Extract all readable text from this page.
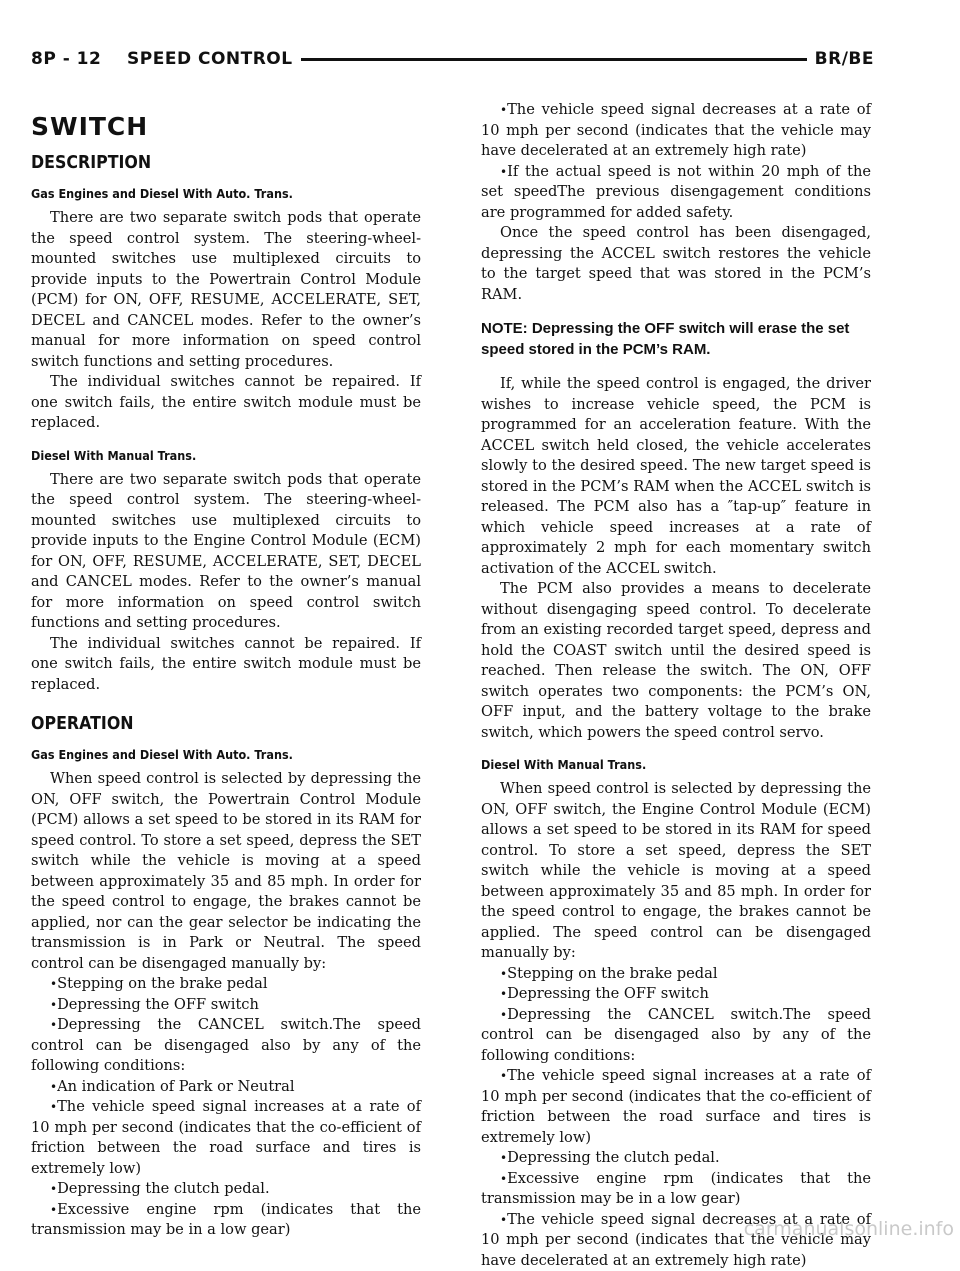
8P - 12    SPEED CONTROL	BR/BE
SWITCH
DESCRIPTION
Gas Engines and Diesel With Auto. Trans.

There are two separate switch pods that operate the speed control system. The steering-wheel-mounted switches use multiplexed circuits to provide inputs to the Powertrain Control Module (PCM) for ON, OFF, RESUME, ACCELERATE, SET, DECEL and CANCEL modes. Refer to the owner’s manual for more information on speed control switch functions and setting procedures.

The individual switches cannot be repaired. If one switch fails, the entire switch module must be replaced.

Diesel With Manual Trans.

There are two separate switch pods that operate the speed control system. The steering-wheel-mounted switches use multiplexed circuits to provide inputs to the Engine Control Module (ECM) for ON, OFF, RESUME, ACCELERATE, SET, DECEL and CANCEL modes. Refer to the owner’s manual for more information on speed control switch functions and setting procedures.

The individual switches cannot be repaired. If one switch fails, the entire switch module must be replaced.

OPERATION
Gas Engines and Diesel With Auto. Trans.

When speed control is selected by depressing the ON, OFF switch, the Powertrain Control Module (PCM) allows a set speed to be stored in its RAM for speed control. To store a set speed, depress the SET switch while the vehicle is moving at a speed between approximately 35 and 85 mph. In order for the speed control to engage, the brakes cannot be applied, nor can the gear selector be indicating the transmission is in Park or Neutral. The speed control can be disengaged manually by:

•Stepping on the brake pedal

•Depressing the OFF switch

•Depressing the CANCEL switch.The speed control can be disengaged also by any of the following conditions:

•An indication of Park or Neutral

•The vehicle speed signal increases at a rate of 10 mph per second (indicates that the co-efficient of friction between the road surface and tires is extremely low)

•Depressing the clutch pedal.

•Excessive engine rpm (indicates that the transmission may be in a low gear)

•The vehicle speed signal decreases at a rate of 10 mph per second (indicates that the vehicle may have decelerated at an extremely high rate)

•If the actual speed is not within 20 mph of the set speedThe previous disengagement conditions are programmed for added safety.

Once the speed control has been disengaged, depressing the ACCEL switch restores the vehicle to the target speed that was stored in the PCM’s RAM.

NOTE: Depressing the OFF switch will erase the set speed stored in the PCM’s RAM.

If, while the speed control is engaged, the driver wishes to increase vehicle speed, the PCM is programmed for an acceleration feature. With the ACCEL switch held closed, the vehicle accelerates slowly to the desired speed. The new target speed is stored in the PCM’s RAM when the ACCEL switch is released. The PCM also has a ″tap-up″ feature in which vehicle speed increases at a rate of approximately 2 mph for each momentary switch activation of the ACCEL switch.

The PCM also provides a means to decelerate without disengaging speed control. To decelerate from an existing recorded target speed, depress and hold the COAST switch until the desired speed is reached. Then release the switch. The ON, OFF switch operates two components: the PCM’s ON, OFF input, and the battery voltage to the brake switch, which powers the speed control servo.

Diesel With Manual Trans.

When speed control is selected by depressing the ON, OFF switch, the Engine Control Module (ECM) allows a set speed to be stored in its RAM for speed control. To store a set speed, depress the SET switch while the vehicle is moving at a speed between approximately 35 and 85 mph. In order for the speed control to engage, the brakes cannot be applied. The speed control can be disengaged manually by:

•Stepping on the brake pedal

•Depressing the OFF switch

•Depressing the CANCEL switch.The speed control can be disengaged also by any of the following conditions:

•The vehicle speed signal increases at a rate of 10 mph per second (indicates that the co-efficient of friction between the road surface and tires is extremely low)

•Depressing the clutch pedal.

•Excessive engine rpm (indicates that the transmission may be in a low gear)

•The vehicle speed signal decreases at a rate of 10 mph per second (indicates that the vehicle may have decelerated at an extremely high rate)

carmanualsonline.info
